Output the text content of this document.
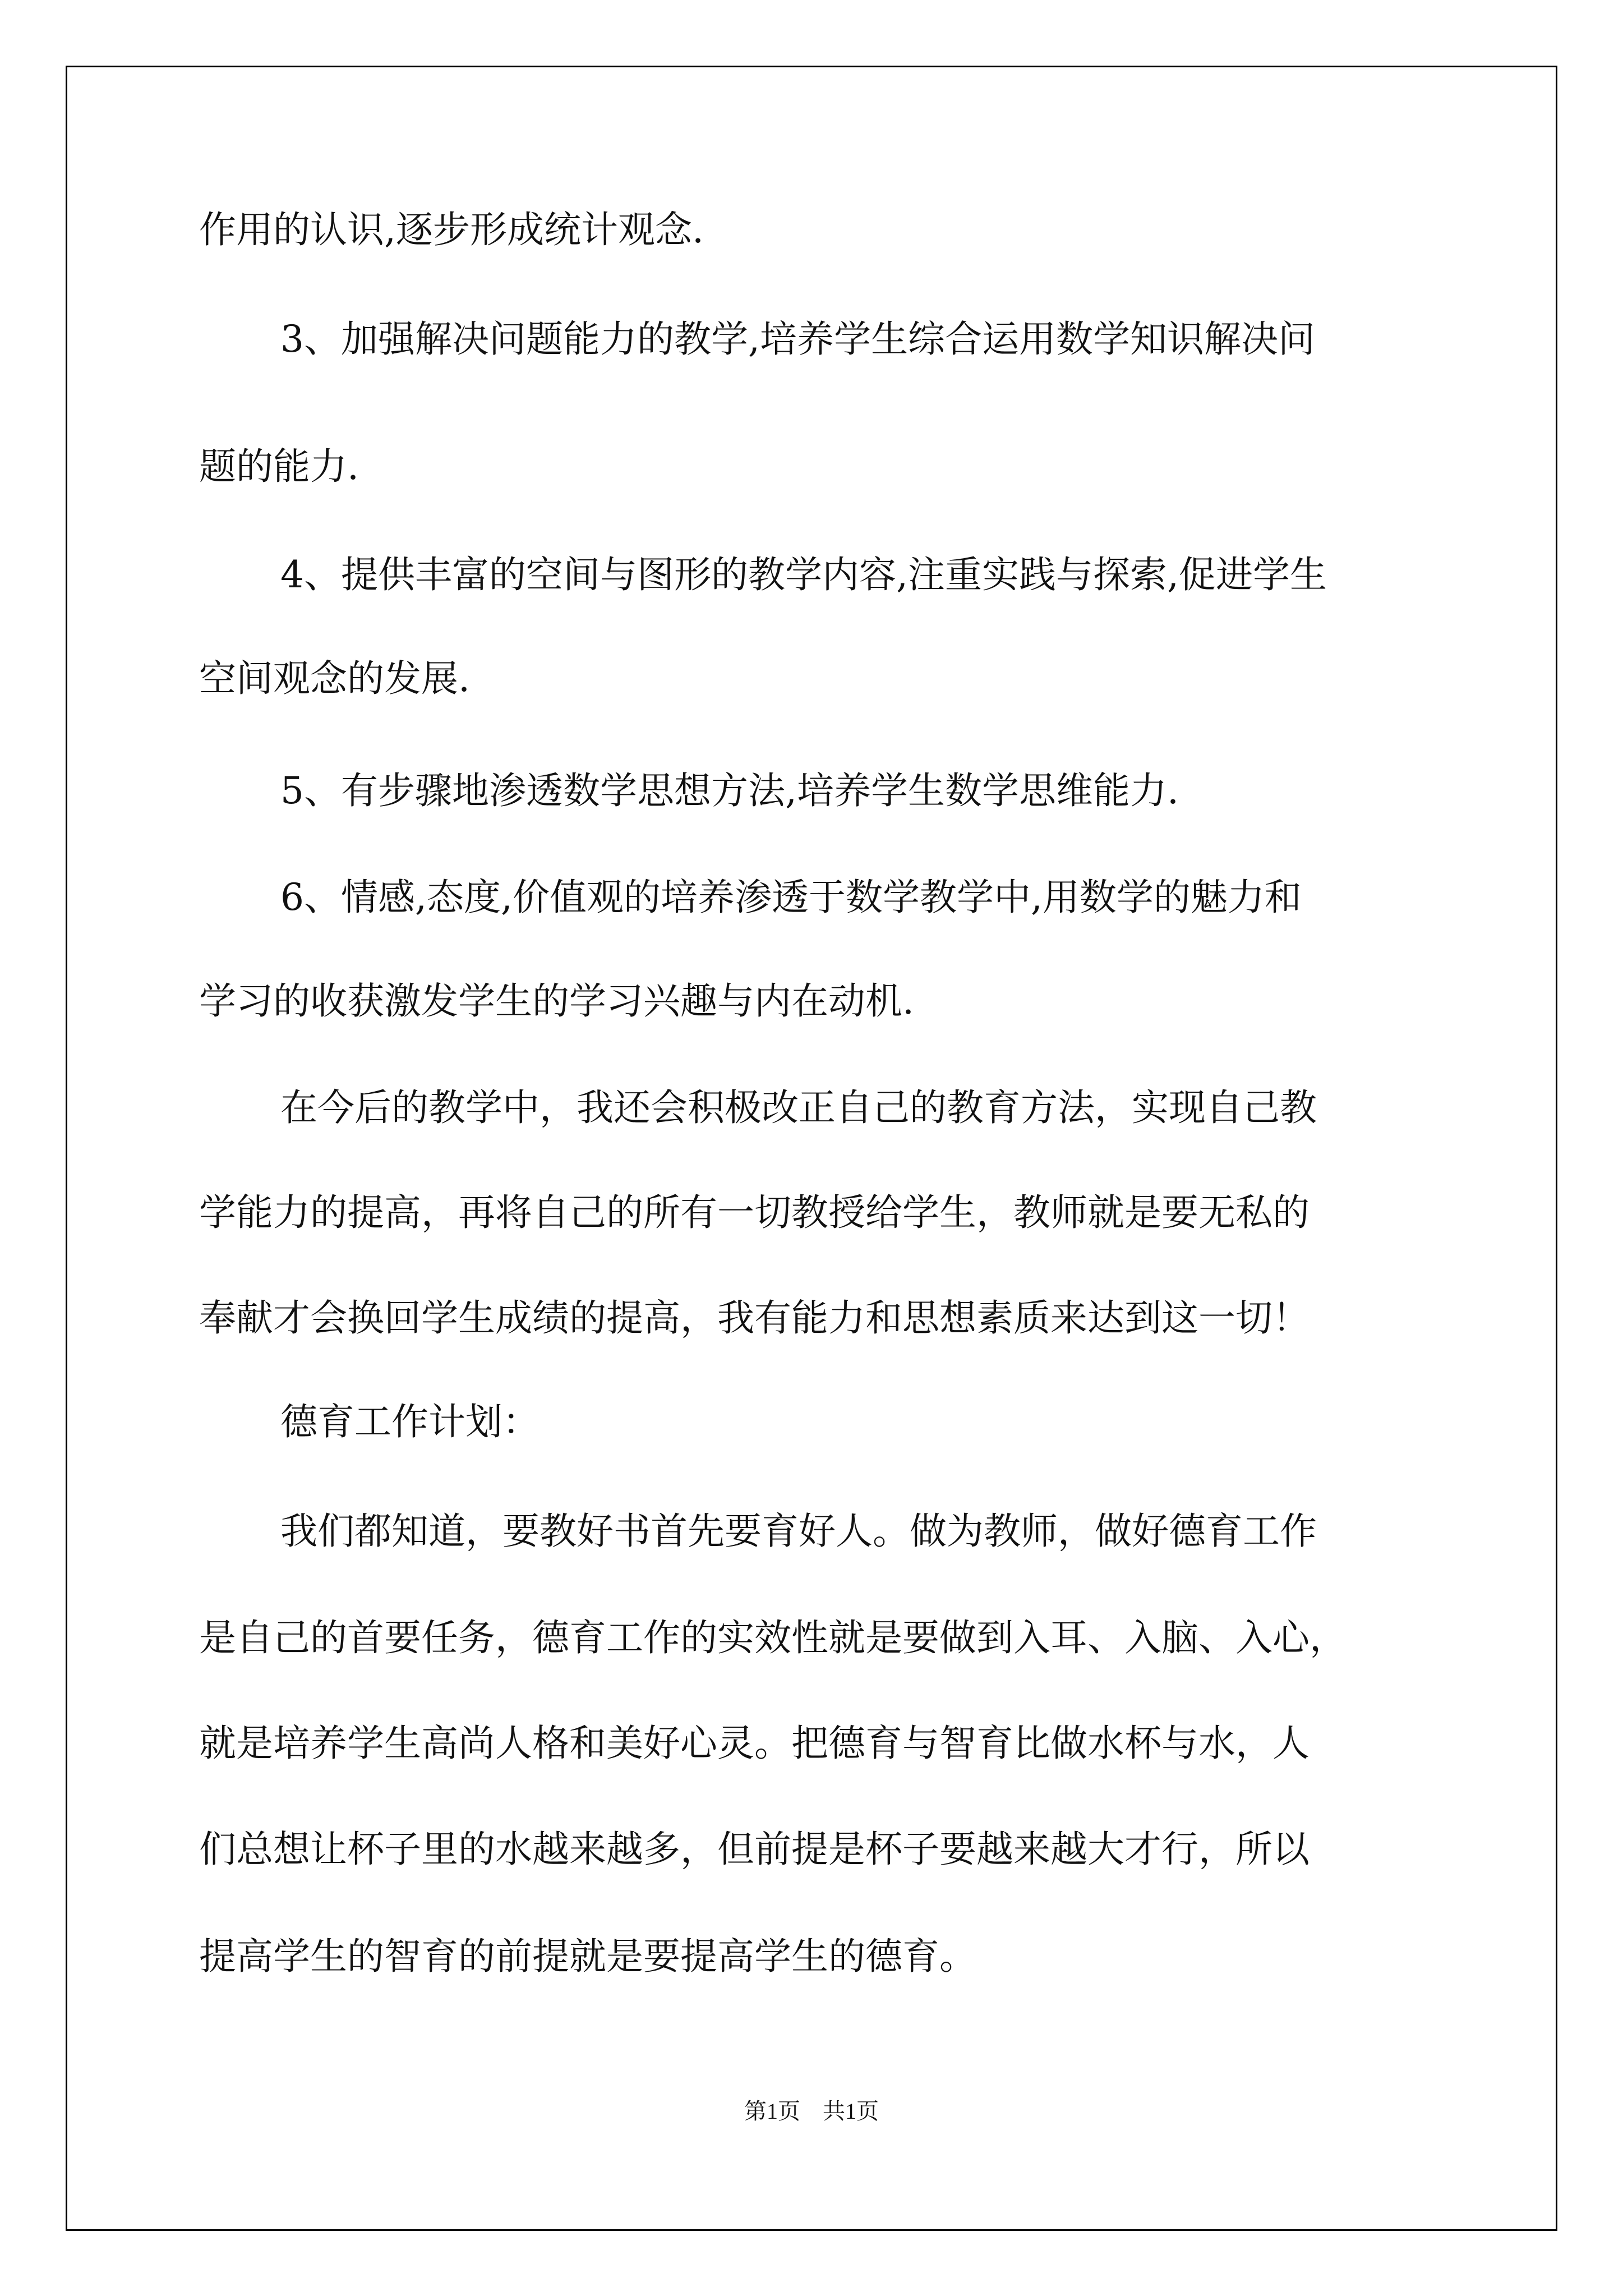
作用的认识,逐步形成统计观念.
3、加强解决问题能力的教学,培养学生综合运用数学知识解决问
题的能力.
4、提供丰富的空间与图形的教学内容,注重实践与探索,促进学生
空间观念的发展.
5、有步骤地渗透数学思想方法,培养学生数学思维能力.
6、情感,态度,价值观的培养渗透于数学教学中,用数学的魅力和
学习的收获激发学生的学习兴趣与内在动机.
在今后的教学中，我还会积极改正自己的教育方法，实现自己教
学能力的提高，再将自己的所有一切教授给学生，教师就是要无私的
奉献才会换回学生成绩的提高，我有能力和思想素质来达到这一切！
德育工作计划：
我们都知道，要教好书首先要育好人。做为教师，做好德育工作
是自己的首要任务，德育工作的实效性就是要做到入耳、入脑、入心，
就是培养学生高尚人格和美好心灵。把德育与智育比做水杯与水，人
们总想让杯子里的水越来越多，但前提是杯子要越来越大才行，所以
提高学生的智育的前提就是要提高学生的德育。
第1页　共1页
